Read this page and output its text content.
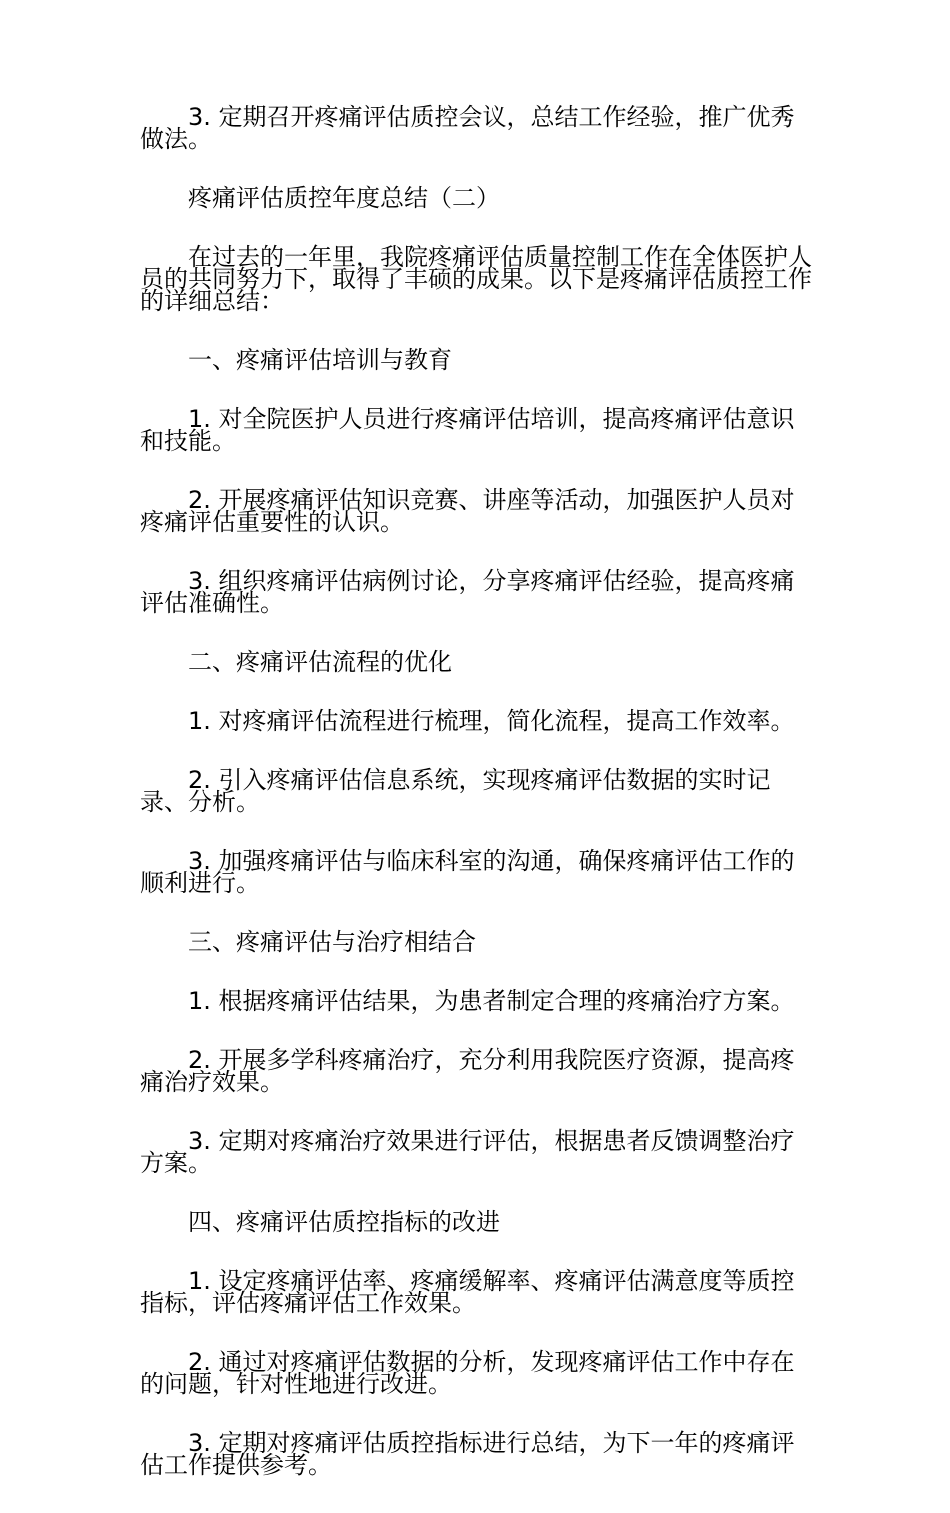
3. 定期召开疼痛评估质控会议，总结工作经验，推广优秀做法。

疼痛评估质控年度总结（二）

在过去的一年里，我院疼痛评估质量控制工作在全体医护人员的共同努力下，取得了丰硕的成果。以下是疼痛评估质控工作的详细总结：

一、疼痛评估培训与教育

1. 对全院医护人员进行疼痛评估培训，提高疼痛评估意识和技能。

2. 开展疼痛评估知识竞赛、讲座等活动，加强医护人员对疼痛评估重要性的认识。

3. 组织疼痛评估病例讨论，分享疼痛评估经验，提高疼痛评估准确性。

二、疼痛评估流程的优化

1. 对疼痛评估流程进行梳理，简化流程，提高工作效率。

2. 引入疼痛评估信息系统，实现疼痛评估数据的实时记录、分析。

3. 加强疼痛评估与临床科室的沟通，确保疼痛评估工作的顺利进行。

三、疼痛评估与治疗相结合

1. 根据疼痛评估结果，为患者制定合理的疼痛治疗方案。

2. 开展多学科疼痛治疗，充分利用我院医疗资源，提高疼痛治疗效果。

3. 定期对疼痛治疗效果进行评估，根据患者反馈调整治疗方案。

四、疼痛评估质控指标的改进

1. 设定疼痛评估率、疼痛缓解率、疼痛评估满意度等质控指标，评估疼痛评估工作效果。

2. 通过对疼痛评估数据的分析，发现疼痛评估工作中存在的问题，针对性地进行改进。

3. 定期对疼痛评估质控指标进行总结，为下一年的疼痛评估工作提供参考。
